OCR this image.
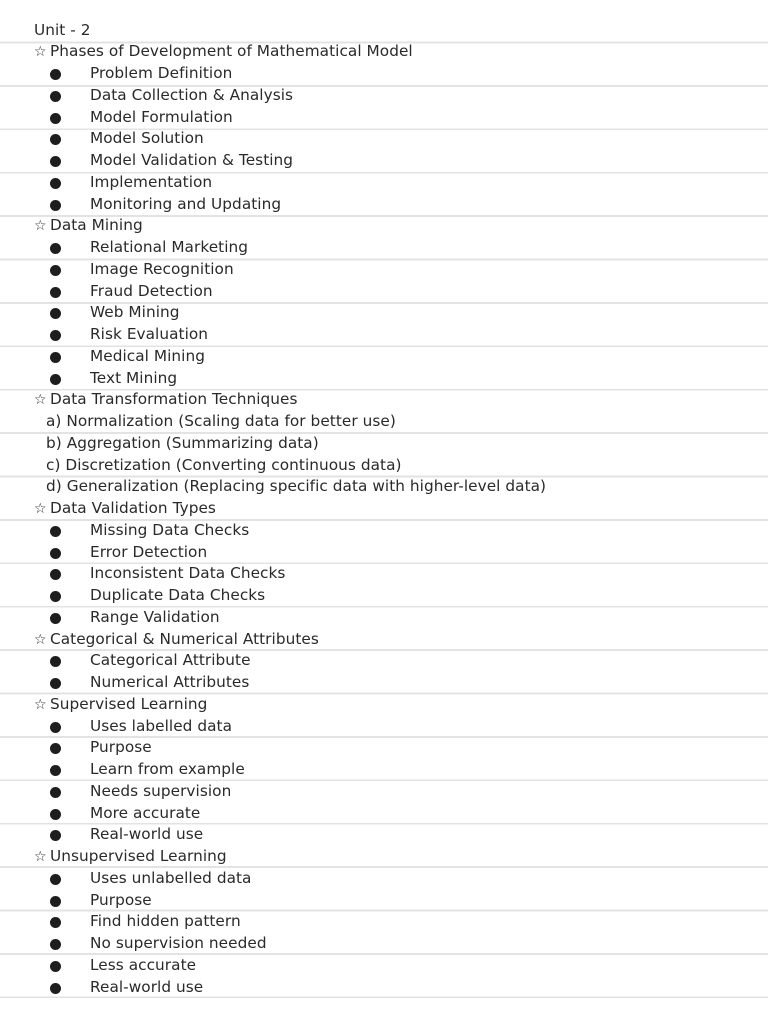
Unit - 2
☆ Phases of Development of Mathematical Model
Problem Definition
Data Collection & Analysis
Model Formulation
Model Solution
Model Validation & Testing
Implementation
Monitoring and Updating
☆ Data Mining
Relational Marketing
Image Recognition
Fraud Detection
Web Mining
Risk Evaluation
Medical Mining
Text Mining
☆ Data Transformation Techniques
a) Normalization (Scaling data for better use)
b) Aggregation (Summarizing data)
c) Discretization (Converting continuous data)
d) Generalization (Replacing specific data with higher-level data)
☆ Data Validation Types
Missing Data Checks
Error Detection
Inconsistent Data Checks
Duplicate Data Checks
Range Validation
☆ Categorical & Numerical Attributes
Categorical Attribute
Numerical Attributes
☆ Supervised Learning
Uses labelled data
Purpose
Learn from example
Needs supervision
More accurate
Real-world use
☆ Unsupervised Learning
Uses unlabelled data
Purpose
Find hidden pattern
No supervision needed
Less accurate
Real-world use
